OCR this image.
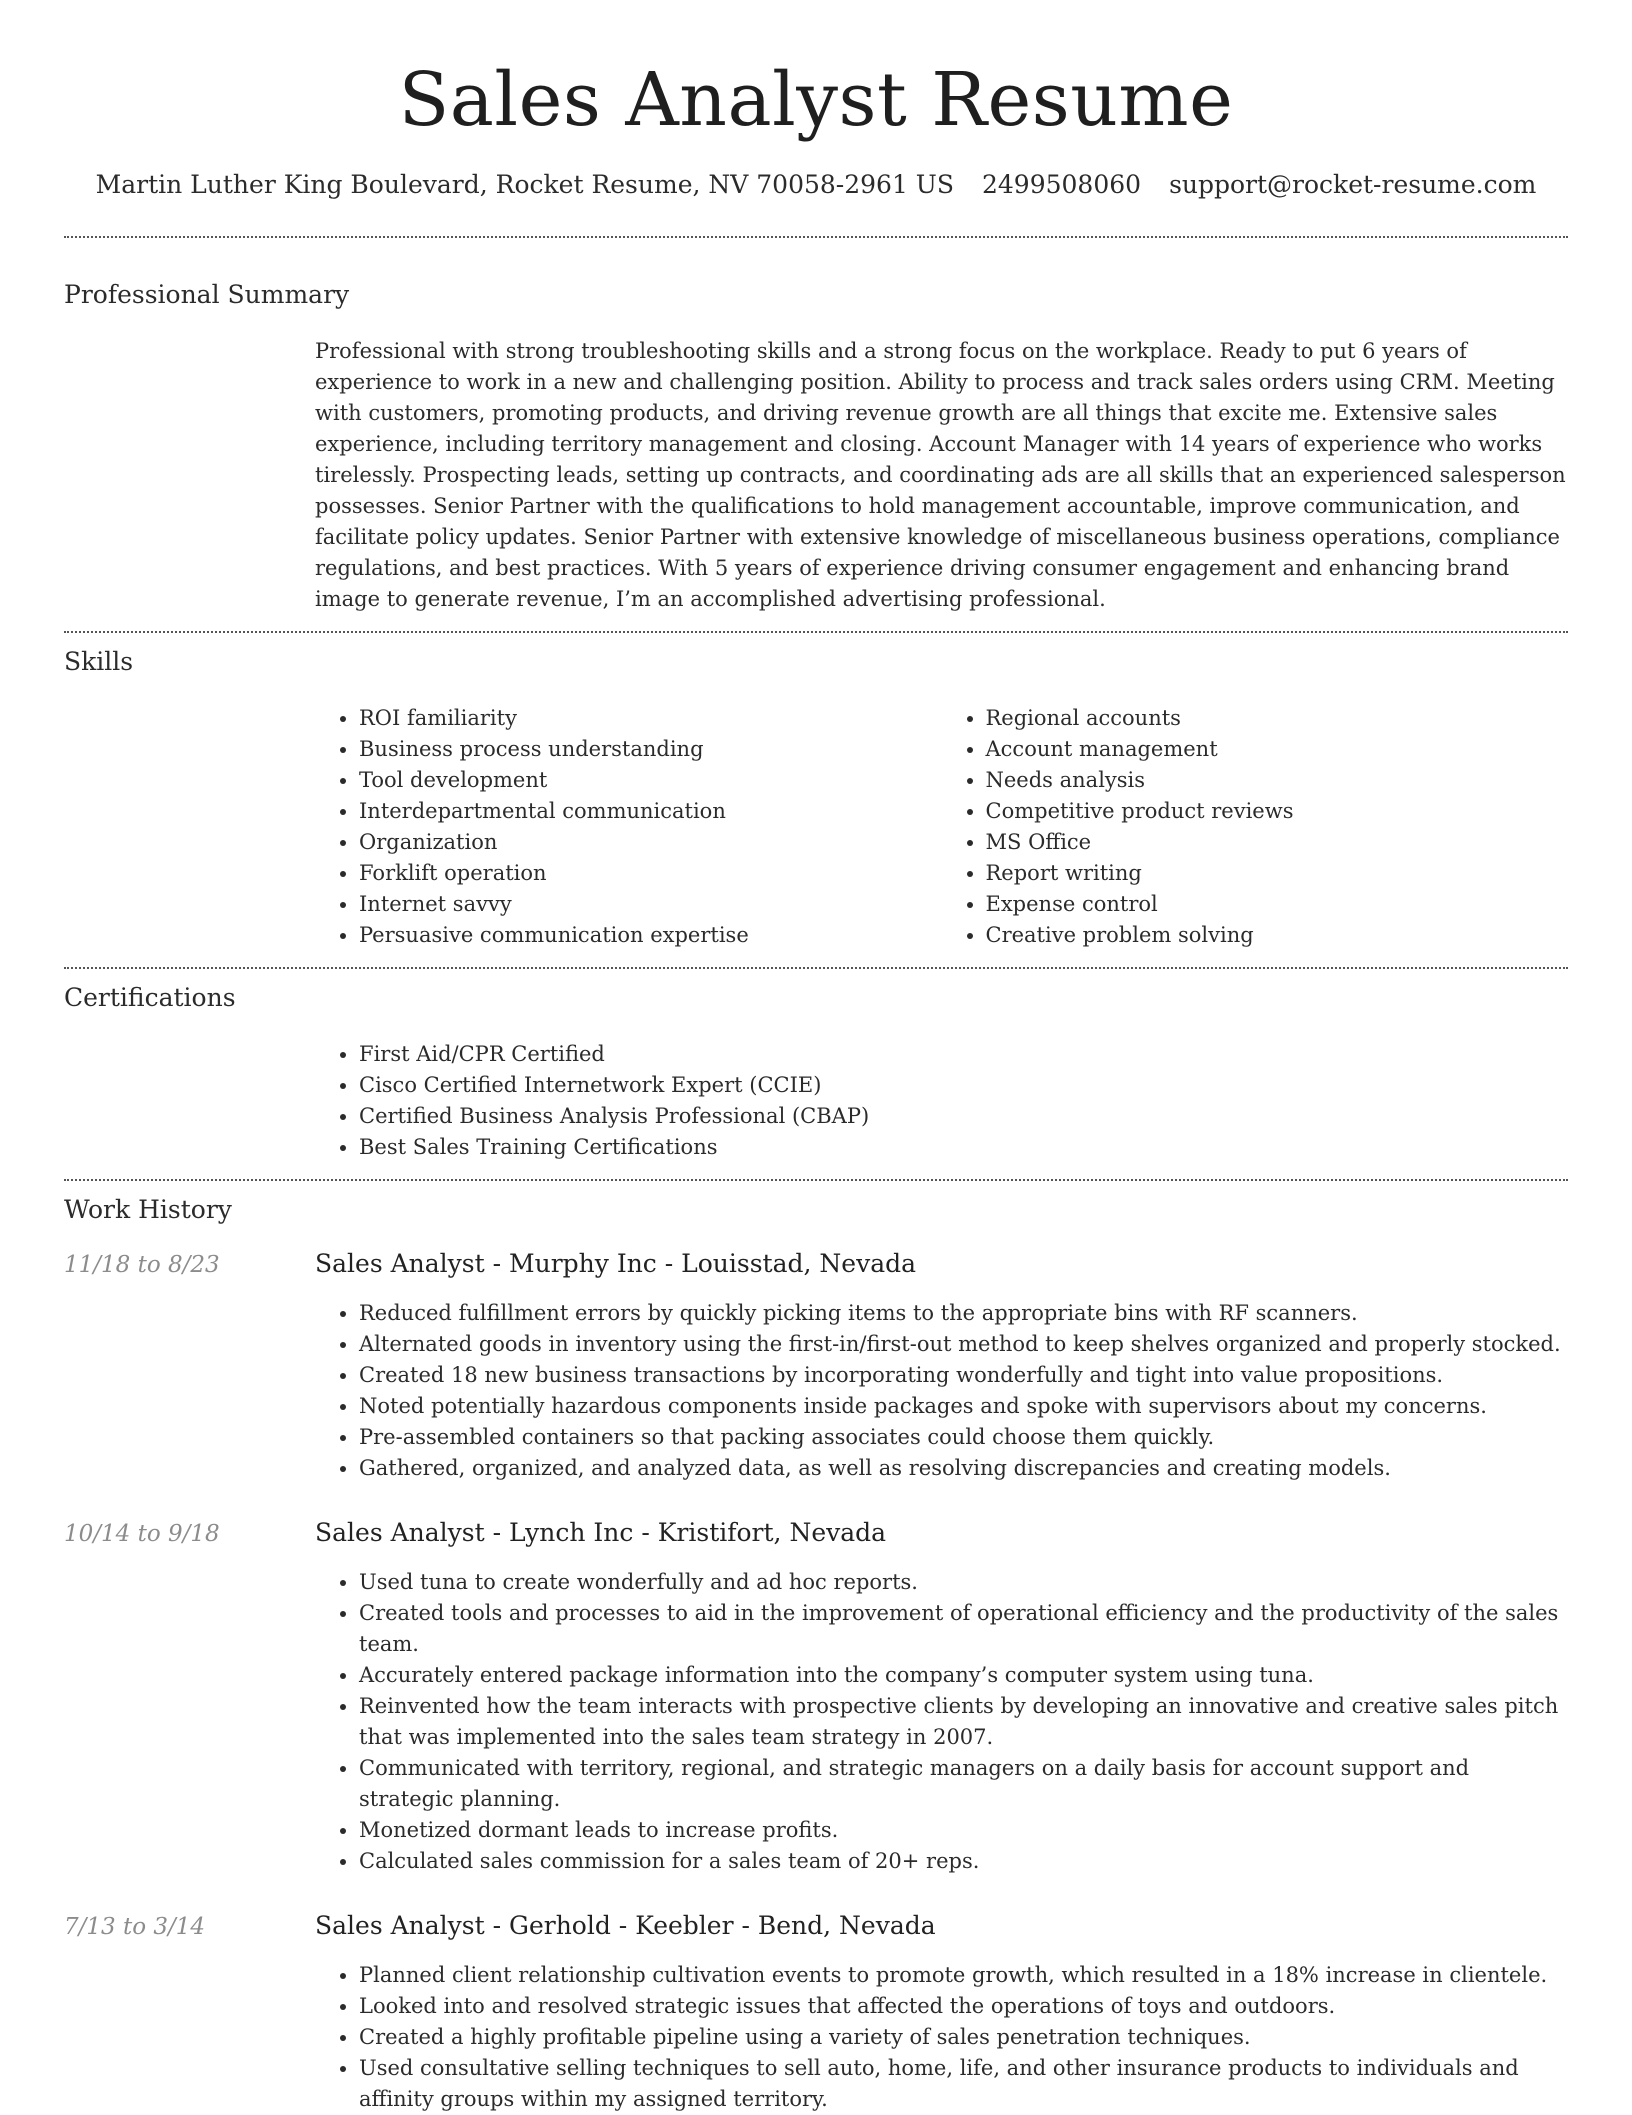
Sales Analyst Resume
Martin Luther King Boulevard, Rocket Resume, NV 70058-2961 US 2499508060 support@rocket-resume.com
Professional Summary
Professional with strong troubleshooting skills and a strong focus on the workplace. Ready to put 6 years of experience to work in a new and challenging position. Ability to process and track sales orders using CRM. Meeting with customers, promoting products, and driving revenue growth are all things that excite me. Extensive sales experience, including territory management and closing. Account Manager with 14 years of experience who works tirelessly. Prospecting leads, setting up contracts, and coordinating ads are all skills that an experienced salesperson possesses. Senior Partner with the qualifications to hold management accountable, improve communication, and facilitate policy updates. Senior Partner with extensive knowledge of miscellaneous business operations, compliance regulations, and best practices. With 5 years of experience driving consumer engagement and enhancing brand image to generate revenue, I’m an accomplished advertising professional.
Skills
• ROI familiarity
• Business process understanding
• Tool development
• Interdepartmental communication
• Organization
• Forklift operation
• Internet savvy
• Persuasive communication expertise
• Regional accounts
• Account management
• Needs analysis
• Competitive product reviews
• MS Office
• Report writing
• Expense control
• Creative problem solving
Certifications
• First Aid/CPR Certified
• Cisco Certified Internetwork Expert (CCIE)
• Certified Business Analysis Professional (CBAP)
• Best Sales Training Certifications
Work History
11/18 to 8/23	Sales Analyst - Murphy Inc - Louisstad, Nevada
• Reduced fulfillment errors by quickly picking items to the appropriate bins with RF scanners.
• Alternated goods in inventory using the first-in/first-out method to keep shelves organized and properly stocked.
• Created 18 new business transactions by incorporating wonderfully and tight into value propositions.
• Noted potentially hazardous components inside packages and spoke with supervisors about my concerns.
• Pre-assembled containers so that packing associates could choose them quickly.
• Gathered, organized, and analyzed data, as well as resolving discrepancies and creating models.
10/14 to 9/18	Sales Analyst - Lynch Inc - Kristifort, Nevada
• Used tuna to create wonderfully and ad hoc reports.
• Created tools and processes to aid in the improvement of operational efficiency and the productivity of the sales team.
• Accurately entered package information into the company’s computer system using tuna.
• Reinvented how the team interacts with prospective clients by developing an innovative and creative sales pitch that was implemented into the sales team strategy in 2007.
• Communicated with territory, regional, and strategic managers on a daily basis for account support and strategic planning.
• Monetized dormant leads to increase profits.
• Calculated sales commission for a sales team of 20+ reps.
7/13 to 3/14	Sales Analyst - Gerhold - Keebler - Bend, Nevada
• Planned client relationship cultivation events to promote growth, which resulted in a 18% increase in clientele.
• Looked into and resolved strategic issues that affected the operations of toys and outdoors.
• Created a highly profitable pipeline using a variety of sales penetration techniques.
• Used consultative selling techniques to sell auto, home, life, and other insurance products to individuals and affinity groups within my assigned territory.
